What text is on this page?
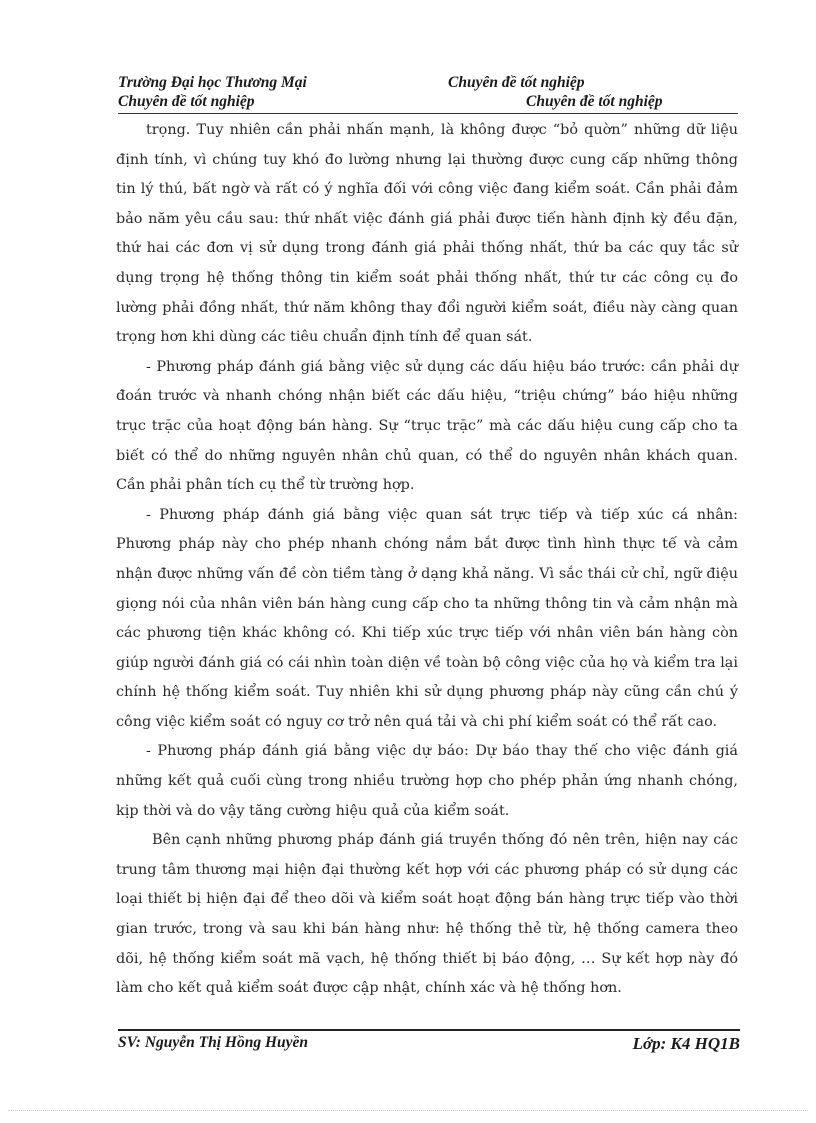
Trường Đại học Thương Mại	Chuyên đề tốt nghiệp
Chuyên đề tốt nghiệp	Chuyên đề tốt nghiệp

trọng. Tuy nhiên cần phải nhấn mạnh, là không được “bỏ quờn” những dữ liệu định tính, vì chúng tuy khó đo lường nhưng lại thường được cung cấp những thông tin lý thú, bất ngờ và rất có ý nghĩa đối với công việc đang kiểm soát. Cần phải đảm bảo năm yêu cầu sau: thứ nhất việc đánh giá phải được tiến hành định kỳ đều đặn, thứ hai các đơn vị sử dụng trong đánh giá phải thống nhất, thứ ba các quy tắc sử dụng trọng hệ thống thông tin kiểm soát phải thống nhất, thứ tư các công cụ đo lường phải đồng nhất, thứ năm không thay đổi người kiểm soát, điều này càng quan trọng hơn khi dùng các tiêu chuẩn định tính để quan sát.

- Phương pháp đánh giá bằng việc sử dụng các dấu hiệu báo trước: cần phải dự đoán trước và nhanh chóng nhận biết các dấu hiệu, “triệu chứng” báo hiệu những trục trặc của hoạt động bán hàng. Sự “trục trặc” mà các dấu hiệu cung cấp cho ta biết có thể do những nguyên nhân chủ quan, có thể do nguyên nhân khách quan. Cần phải phân tích cụ thể từ trường hợp.

- Phương pháp đánh giá bằng việc quan sát trực tiếp và tiếp xúc cá nhân: Phương pháp này cho phép nhanh chóng nắm bắt được tình hình thực tế và cảm nhận được những vấn đề còn tiềm tàng ở dạng khả năng. Vì sắc thái cử chỉ, ngữ điệu giọng nói của nhân viên bán hàng cung cấp cho ta những thông tin và cảm nhận mà các phương tiện khác không có. Khi tiếp xúc trực tiếp với nhân viên bán hàng còn giúp người đánh giá có cái nhìn toàn diện về toàn bộ công việc của họ và kiểm tra lại chính hệ thống kiểm soát. Tuy nhiên khi sử dụng phương pháp này cũng cần chú ý công việc kiểm soát có nguy cơ trở nên quá tải và chi phí kiểm soát có thể rất cao.

- Phương pháp đánh giá bằng việc dự báo: Dự báo thay thế cho việc đánh giá những kết quả cuối cùng trong nhiều trường hợp cho phép phản ứng nhanh chóng, kịp thời và do vậy tăng cường hiệu quả của kiểm soát.

Bên cạnh những phương pháp đánh giá truyền thống đó nên trên, hiện nay các trung tâm thương mại hiện đại thường kết hợp với các phương pháp có sử dụng các loại thiết bị hiện đại để theo dõi và kiểm soát hoạt động bán hàng trực tiếp vào thời gian trước, trong và sau khi bán hàng như: hệ thống thẻ từ, hệ thống camera theo dõi, hệ thống kiểm soát mã vạch, hệ thống thiết bị báo động, … Sự kết hợp này đó làm cho kết quả kiểm soát được cập nhật, chính xác và hệ thống hơn.

SV: Nguyễn Thị Hồng Huyền	Lớp: K4 HQ1B
